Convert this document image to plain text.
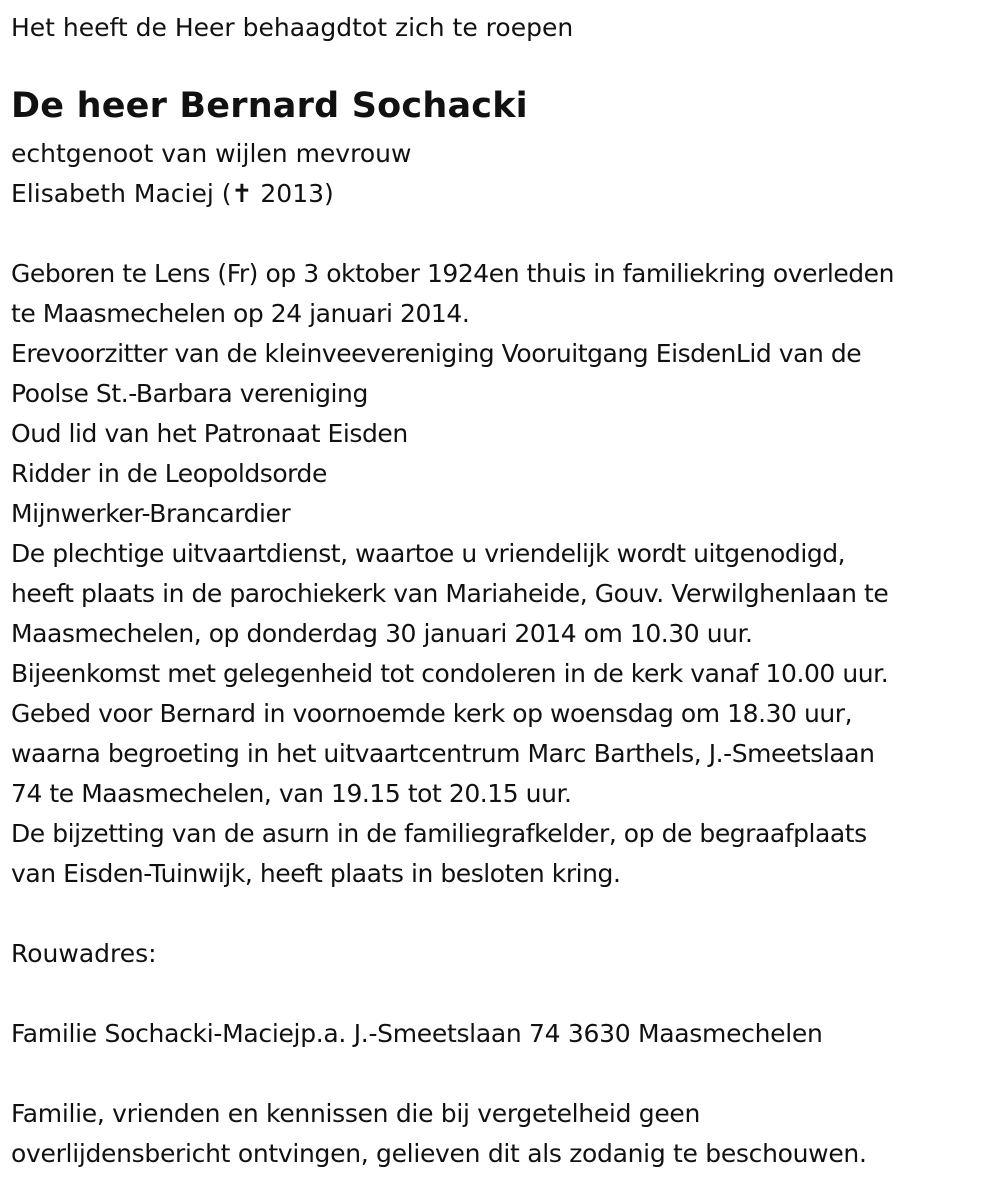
Het heeft de Heer behaagdtot zich te roepen
De heer Bernard Sochacki
echtgenoot van wijlen mevrouw
Elisabeth Maciej (✝ 2013)
Geboren te Lens (Fr) op 3 oktober 1924en thuis in familiekring overleden
te Maasmechelen op 24 januari 2014.
Erevoorzitter van de kleinveevereniging Vooruitgang EisdenLid van de
Poolse St.-Barbara vereniging
Oud lid van het Patronaat Eisden
Ridder in de Leopoldsorde
Mijnwerker-Brancardier
De plechtige uitvaartdienst, waartoe u vriendelijk wordt uitgenodigd,
heeft plaats in de parochiekerk van Mariaheide, Gouv. Verwilghenlaan te
Maasmechelen, op donderdag 30 januari 2014 om 10.30 uur.
Bijeenkomst met gelegenheid tot condoleren in de kerk vanaf 10.00 uur.
Gebed voor Bernard in voornoemde kerk op woensdag om 18.30 uur,
waarna begroeting in het uitvaartcentrum Marc Barthels, J.-Smeetslaan
74 te Maasmechelen, van 19.15 tot 20.15 uur.
De bijzetting van de asurn in de familiegrafkelder, op de begraafplaats
van Eisden-Tuinwijk, heeft plaats in besloten kring.
Rouwadres:
Familie Sochacki-Maciejp.a. J.-Smeetslaan 74 3630 Maasmechelen
Familie, vrienden en kennissen die bij vergetelheid geen
overlijdensbericht ontvingen, gelieven dit als zodanig te beschouwen.
